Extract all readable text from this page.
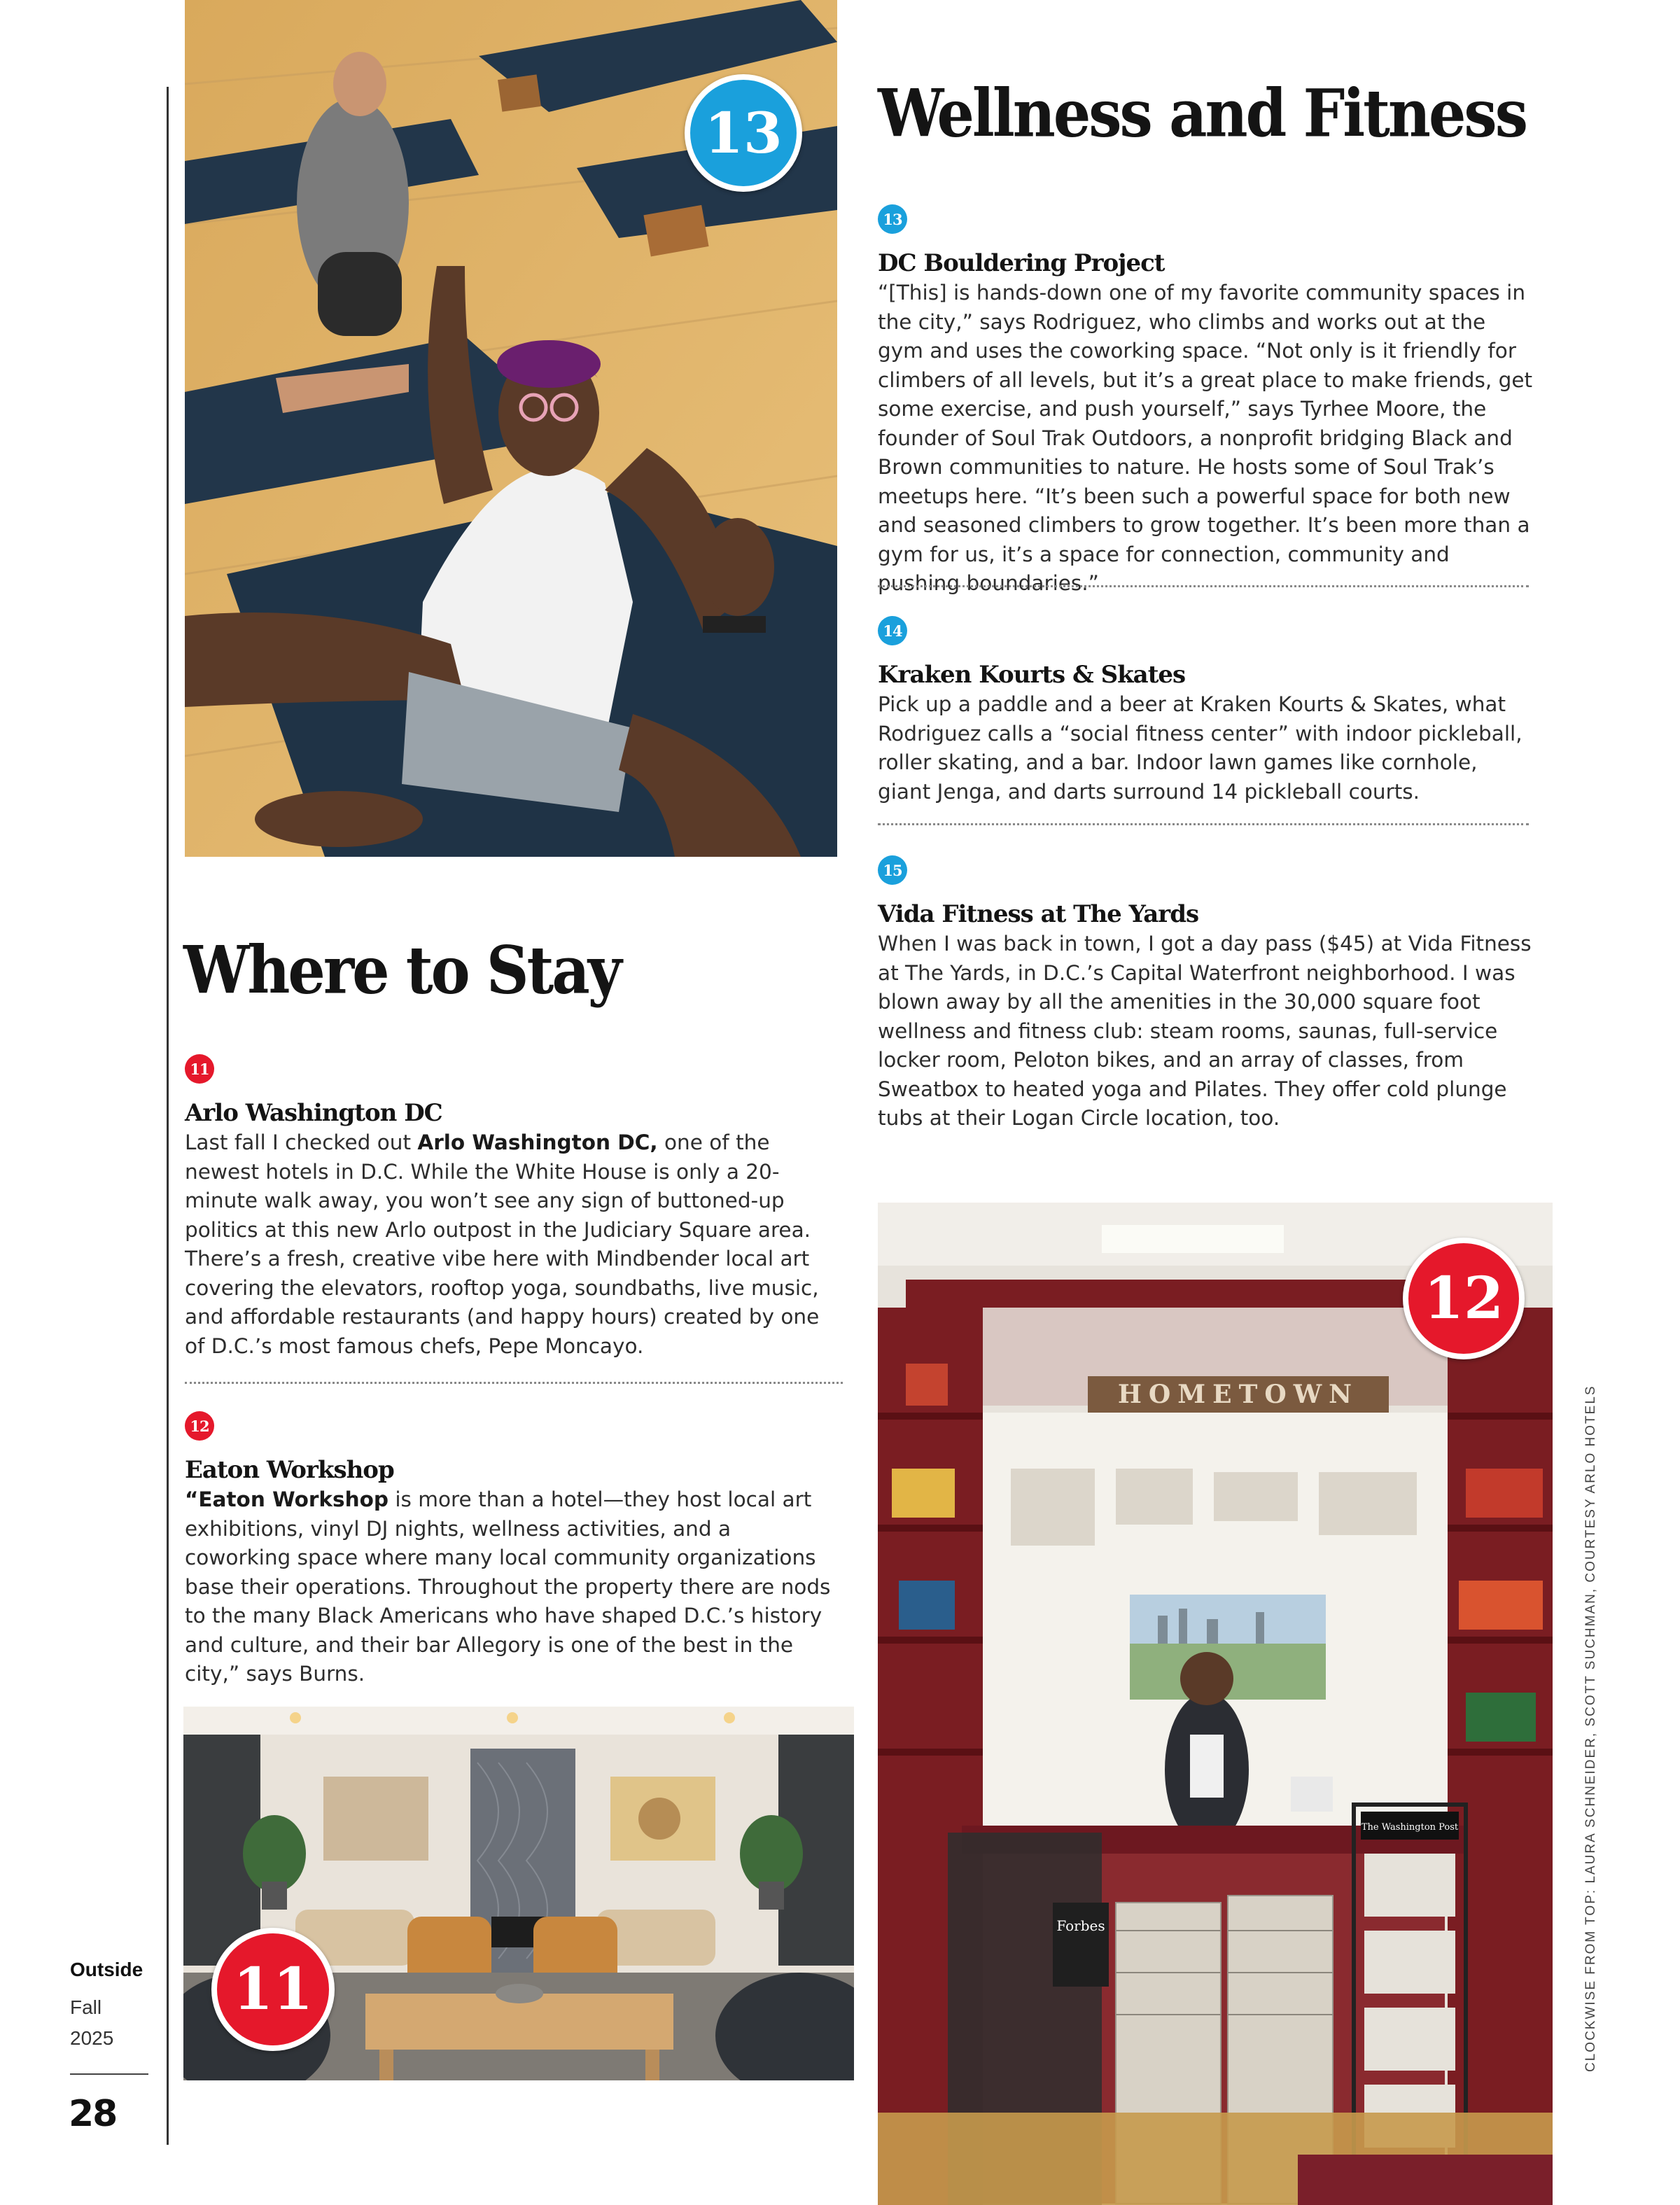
13	Wellness and Fitness
13
DC Bouldering Project

“[This] is hands-down one of my favorite community spaces in the city,” says Rodriguez, who climbs and works out at the gym and uses the coworking space. “Not only is it friendly for climbers of all levels, but it’s a great place to make friends, get some exercise, and push yourself,” says Tyrhee Moore, the founder of Soul Trak Outdoors, a nonprofit bridging Black and Brown communities to nature. He hosts some of Soul Trak’s meetups here. “It’s been such a powerful space for both new and seasoned climbers to grow together. It’s been more than a gym for us, it’s a space for connection, community and pushing boundaries.”

14
Kraken Kourts & Skates

Pick up a paddle and a beer at Kraken Kourts & Skates, what Rodriguez calls a “social fitness center” with indoor pickleball, roller skating, and a bar. Indoor lawn games like cornhole, giant Jenga, and darts surround 14 pickleball courts.

15
Vida Fitness at The Yards

When I was back in town, I got a day pass ($45) at Vida Fitness at The Yards, in D.C.’s Capital Waterfront neighborhood. I was blown away by all the amenities in the 30,000 square foot wellness and fitness club: steam rooms, saunas, full-service locker room, Peloton bikes, and an array of classes, from Sweatbox to heated yoga and Pilates. They offer cold plunge tubs at their Logan Circle location, too.

Where to Stay
11
Arlo Washington DC

Last fall I checked out Arlo Washington DC, one of the newest hotels in D.C. While the White House is only a 20-minute walk away, you won’t see any sign of buttoned-up politics at this new Arlo outpost in the Judiciary Square area. There’s a fresh, creative vibe here with Mindbender local art covering the elevators, rooftop yoga, soundbaths, live music, and affordable restaurants (and happy hours) created by one of D.C.’s most famous chefs, Pepe Moncayo.

12
Eaton Workshop

“Eaton Workshop is more than a hotel—they host local art exhibitions, vinyl DJ nights, wellness activities, and a coworking space where many local community organizations base their operations. Throughout the property there are nods to the many Black Americans who have shaped D.C.’s history and culture, and their bar Allegory is one of the best in the city,” says Burns.

11
HOMETOWN
Forbes
The Washington Post
12
Outside
Fall
2025
28
CLOCKWISE FROM TOP: LAURA SCHNEIDER, SCOTT SUCHMAN, COURTESY ARLO HOTELS
